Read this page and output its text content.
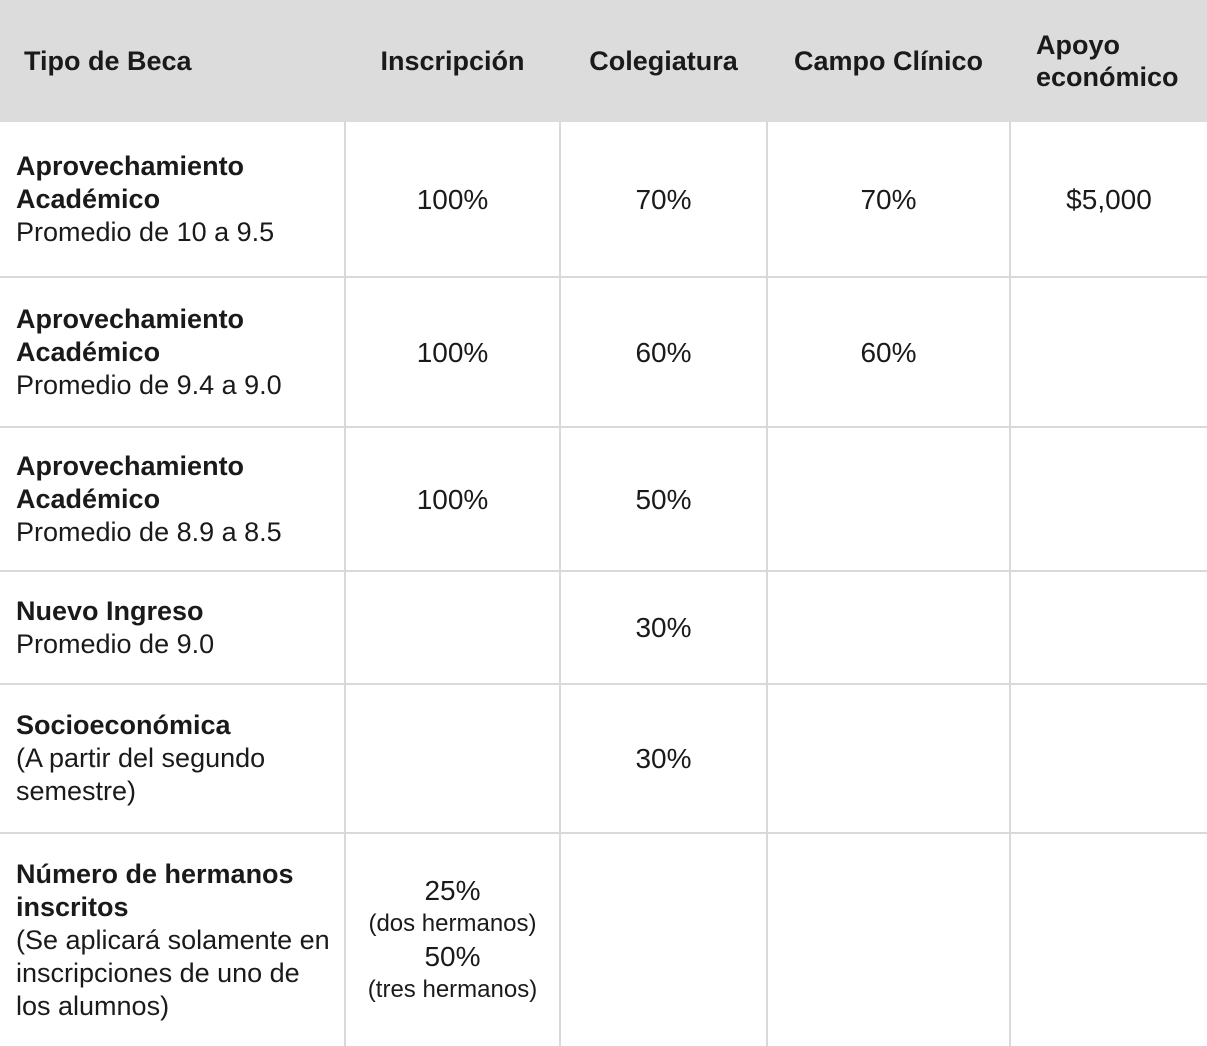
Tipo de Beca	Inscripción	Colegiatura	Campo Clínico	Apoyo
económico

Aprovechamiento Académico
Promedio de 10 a 9.5	100%	70%	70%	$5,000

Aprovechamiento Académico
Promedio de 9.4 a 9.0	100%	60%	60%	

Aprovechamiento Académico
Promedio de 8.9 a 8.5	100%	50%		

Nuevo Ingreso
Promedio de 9.0		30%		

Socioeconómica
(A partir del segundo semestre)		30%		

Número de hermanos inscritos
(Se aplicará solamente en inscripciones de uno de los alumnos)	25%
(dos hermanos)
50%
(tres hermanos)			
